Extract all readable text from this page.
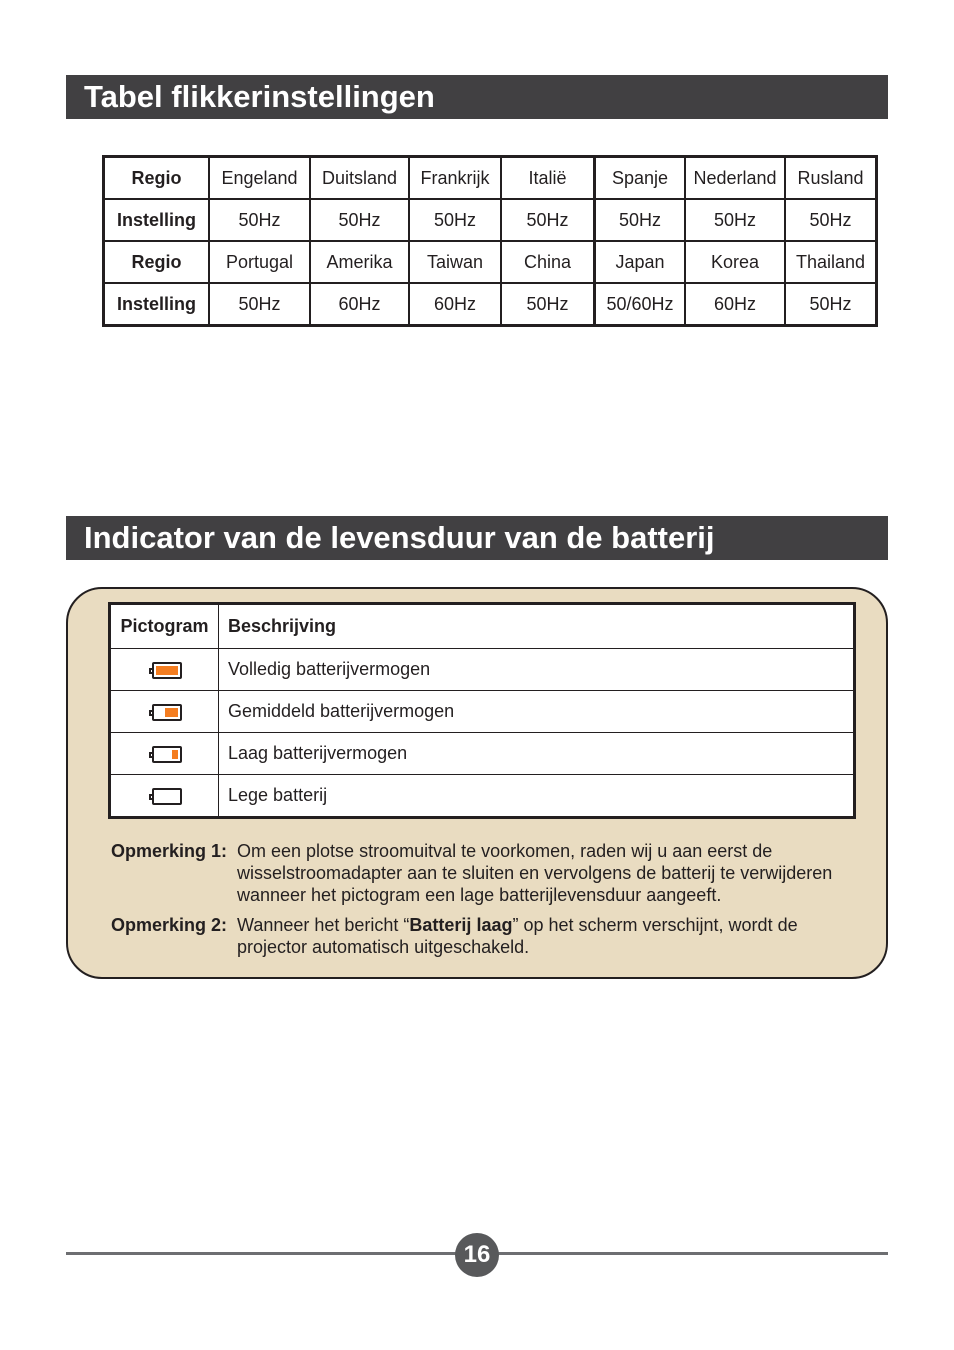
Tabel flikkerinstellingen
Regio	Engeland	Duitsland	Frankrijk	Italië	Spanje	Nederland	Rusland
Instelling	50Hz	50Hz	50Hz	50Hz	50Hz	50Hz	50Hz
Regio	Portugal	Amerika	Taiwan	China	Japan	Korea	Thailand
Instelling	50Hz	60Hz	60Hz	50Hz	50/60Hz	60Hz	50Hz
Indicator van de levensduur van de batterij
Pictogram	Beschrijving

	Volledig batterijvermogen

	Gemiddeld batterijvermogen

	Laag batterijvermogen

	Lege batterij
Opmerking 1: Om een plotse stroomuitval te voorkomen, raden wij u aan eerst de
wisselstroomadapter aan te sluiten en vervolgens de batterij te verwijderen
wanneer het pictogram een lage batterijlevensduur aangeeft.
Opmerking 2: Wanneer het bericht “Batterij laag” op het scherm verschijnt, wordt de
projector automatisch uitgeschakeld.
16
